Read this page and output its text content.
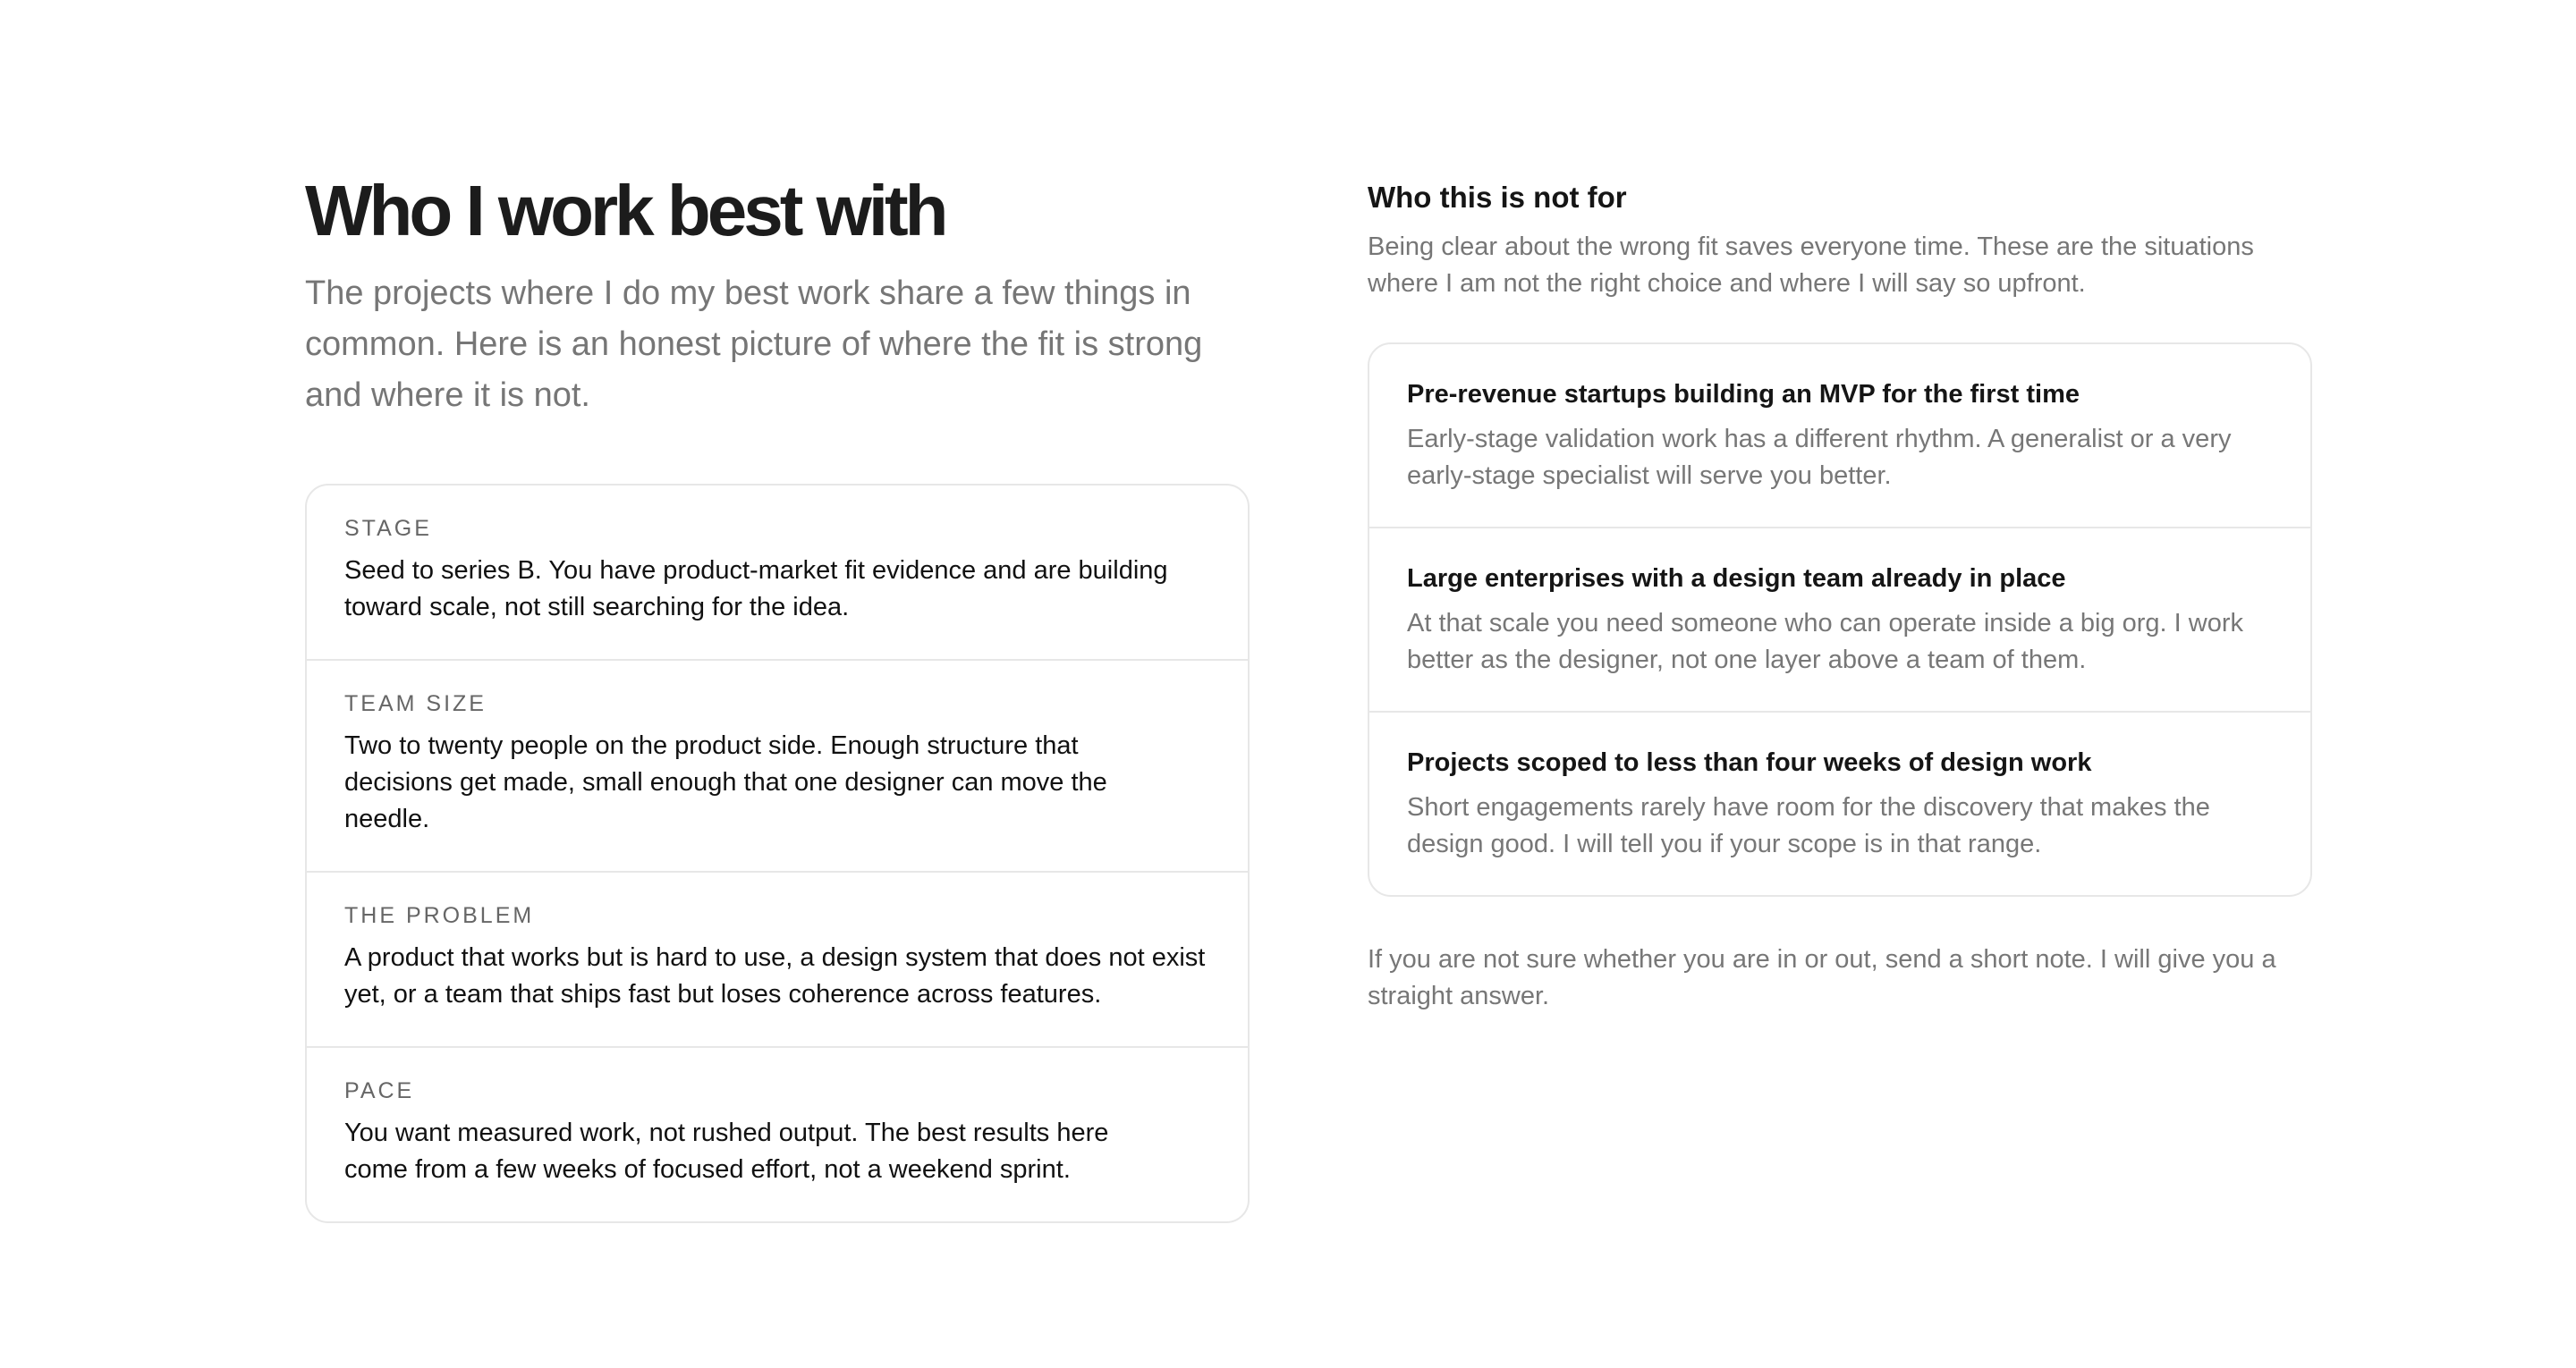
Who I work best with

The projects where I do my best work share a few things in common. Here is an honest picture of where the fit is strong and where it is not.

STAGE
Seed to series B. You have product-market fit evidence and are building toward scale, not still searching for the idea.
TEAM SIZE
Two to twenty people on the product side. Enough structure that decisions get made, small enough that one designer can move the needle.
THE PROBLEM
A product that works but is hard to use, a design system that does not exist yet, or a team that ships fast but loses coherence across features.
PACE
You want measured work, not rushed output. The best results here come from a few weeks of focused effort, not a weekend sprint.
Who this is not for

Being clear about the wrong fit saves everyone time. These are the situations where I am not the right choice and where I will say so upfront.

Pre-revenue startups building an MVP for the first time
Early-stage validation work has a different rhythm. A generalist or a very early-stage specialist will serve you better.
Large enterprises with a design team already in place
At that scale you need someone who can operate inside a big org. I work better as the designer, not one layer above a team of them.
Projects scoped to less than four weeks of design work
Short engagements rarely have room for the discovery that makes the design good. I will tell you if your scope is in that range.

If you are not sure whether you are in or out, send a short note. I will give you a straight answer.
